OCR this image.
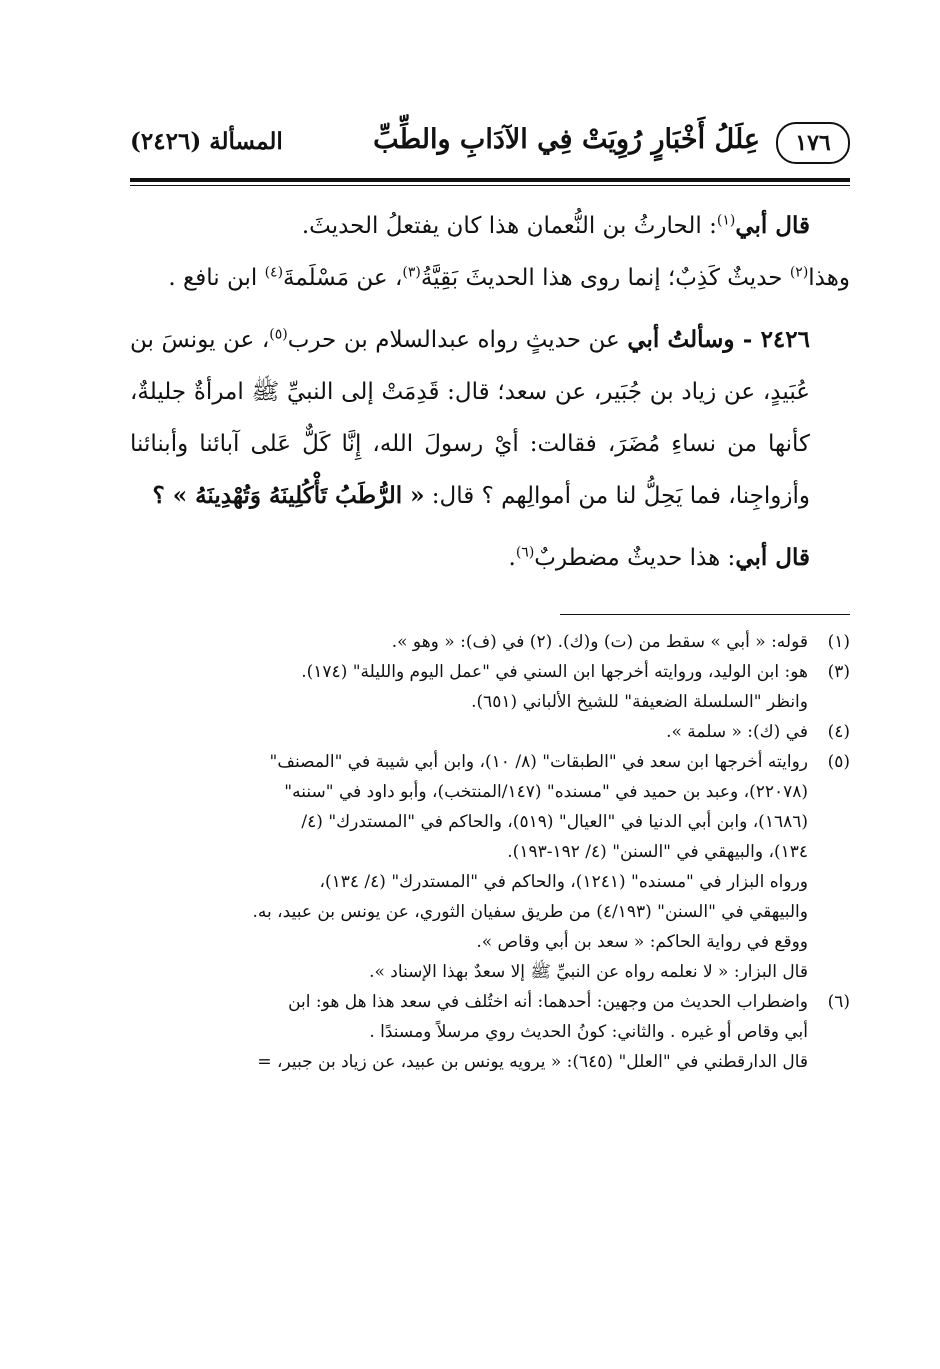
١٧٦
عِلَلُ أَخْبَارٍ رُوِيَتْ فِي الآدَابِ والطِّبِّ
المسألة (٢٤٢٦)

قال أبي$^{(١)}$: الحارثُ بن النُّعمان هذا كان يفتعلُ الحديثَ.

وهذا$^{(٢)}$ حديثٌ كَذِبٌ؛ إنما روى هذا الحديثَ بَقِيَّةُ$^{(٣)}$، عن مَسْلَمةَ$^{(٤)}$ ابن نافع .

٢٤٢٦ - وسألتُ أبي عن حديثٍ رواه عبدالسلام بن حرب$^{(٥)}$، عن يونسَ بن عُبَيدٍ، عن زياد بن جُبَير، عن سعد؛ قال: قَدِمَتْ إلى النبيِّ ﷺ امرأةٌ جليلةٌ، كأنها من نساءِ مُضَرَ، فقالت: أيْ رسولَ الله، إِنَّا كَلٌّ عَلى آبائنا وأبنائنا وأزواجِنا، فما يَحِلُّ لنا من أموالِهم ؟ قال: « الرُّطَبُ تَأْكُلِينَهُ وَتُهْدِينَهُ » ؟

قال أبي: هذا حديثٌ مضطربٌ$^{(٦)}$.

(١)
قوله: « أبي » سقط من (ت) و(ك). (٢) في (ف): « وهو ».
(٣)
هو: ابن الوليد، وروايته أخرجها ابن السني في "عمل اليوم والليلة" (١٧٤).
وانظر "السلسلة الضعيفة" للشيخ الألباني (٦٥١).
(٤)
في (ك): « سلمة ».
(٥)
روايته أخرجها ابن سعد في "الطبقات" (٨/ ١٠)، وابن أبي شيبة في "المصنف"
(٢٢٠٧٨)، وعبد بن حميد في "مسنده" (١٤٧/المنتخب)، وأبو داود في "سننه"
(١٦٨٦)، وابن أبي الدنيا في "العيال" (٥١٩)، والحاكم في "المستدرك" (٤/
١٣٤)، والبيهقي في "السنن" (٤/ ١٩٢-١٩٣).
ورواه البزار في "مسنده" (١٢٤١)، والحاكم في "المستدرك" (٤/ ١٣٤)،
والبيهقي في "السنن" (٤/١٩٣) من طريق سفيان الثوري، عن يونس بن عبيد، به.
ووقع في رواية الحاكم: « سعد بن أبي وقاص ».
قال البزار: « لا نعلمه رواه عن النبيِّ ﷺ إلا سعدٌ بهذا الإسناد ».
(٦)
واضطراب الحديث من وجهين: أحدهما: أنه اختُلف في سعد هذا هل هو: ابن
أبي وقاص أو غيره . والثاني: كونُ الحديث روي مرسلاً ومسندًا .
قال الدارقطني في "العلل" (٦٤٥): « يرويه يونس بن عبيد، عن زياد بن جبير، =
